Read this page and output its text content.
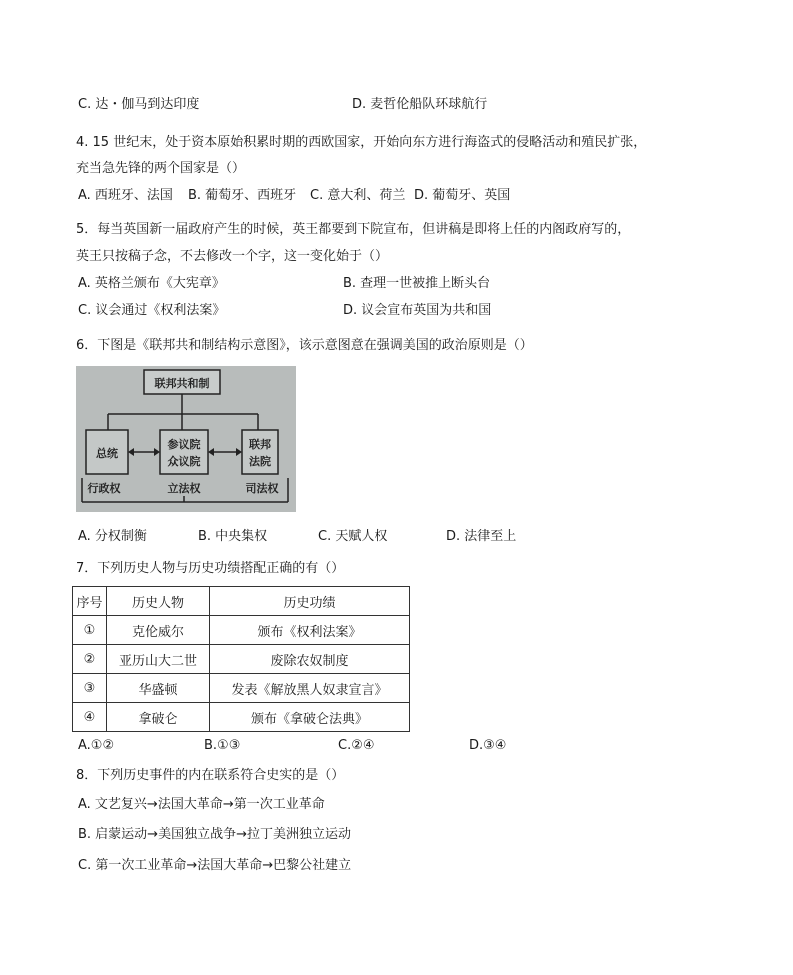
C. 达・伽马到达印度	D. 麦哲伦船队环球航行
4. 15 世纪末，处于资本原始积累时期的西欧国家，开始向东方进行海盗式的侵略活动和殖民扩张，
充当急先锋的两个国家是（）
A. 西班牙、法国 B. 葡萄牙、西班牙 C. 意大利、荷兰 D. 葡萄牙、英国
5．每当英国新一届政府产生的时候，英王都要到下院宣布，但讲稿是即将上任的内阁政府写的，
英王只按稿子念，不去修改一个字，这一变化始于（）
A. 英格兰颁布《大宪章》	B. 查理一世被推上断头台
C. 议会通过《权利法案》	D. 议会宣布英国为共和国
6．下图是《联邦共和制结构示意图》，该示意图意在强调美国的政治原则是（）
联邦共和制
总统
参议院
众议院
联邦
法院
行政权	立法权	司法权
A. 分权制衡	B. 中央集权	C. 天赋人权	D. 法律至上
7．下列历史人物与历史功绩搭配正确的有（）
序号	历史人物	历史功绩
①	克伦威尔	颁布《权利法案》
②	亚历山大二世	废除农奴制度
③	华盛顿	发表《解放黑人奴隶宣言》
④	拿破仑	颁布《拿破仑法典》
A.①②	B.①③	C.②④	D.③④
8．下列历史事件的内在联系符合史实的是（）
A. 文艺复兴→法国大革命→第一次工业革命
B. 启蒙运动→美国独立战争→拉丁美洲独立运动
C. 第一次工业革命→法国大革命→巴黎公社建立
